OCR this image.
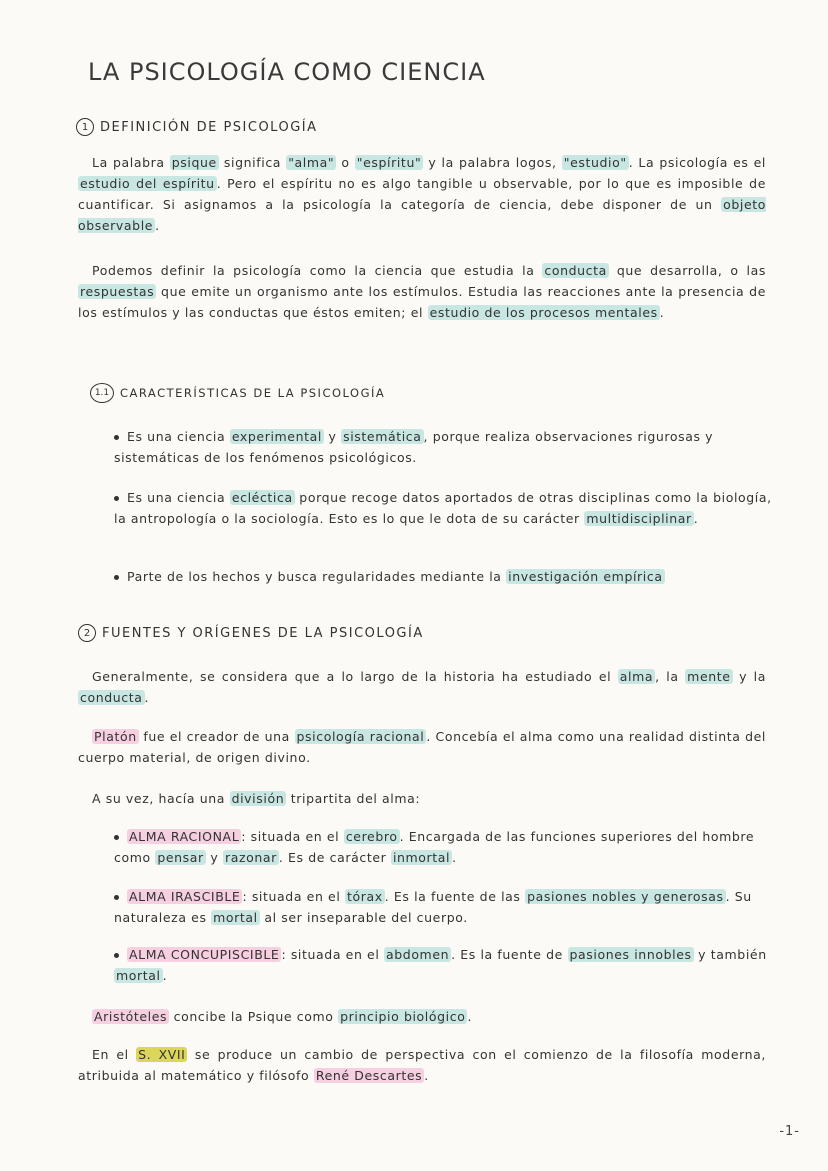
LA PSICOLOGÍA COMO CIENCIA
1 DEFINICIÓN DE PSICOLOGÍA
La palabra psique significa "alma" o "espíritu" y la palabra logos, "estudio" . La psicología es el estudio del espíritu . Pero el espíritu no es algo tangible u observable, por lo que es imposible de cuantificar. Si asignamos a la psicología la categoría de ciencia, debe disponer de un objeto observable .
Podemos definir la psicología como la ciencia que estudia la conducta que desarrolla, o las respuestas que emite un organismo ante los estímulos. Estudia las reacciones ante la presencia de los estímulos y las conductas que éstos emiten; el estudio de los procesos mentales .
1.1 CARACTERÍSTICAS DE LA PSICOLOGÍA
Es una ciencia experimental y sistemática , porque realiza observaciones rigurosas y sistemáticas de los fenómenos psicológicos.
Es una ciencia ecléctica porque recoge datos aportados de otras disciplinas como la biología, la antropología o la sociología. Esto es lo que le dota de su carácter multidisciplinar .
Parte de los hechos y busca regularidades mediante la investigación empírica
2 FUENTES Y ORÍGENES DE LA PSICOLOGÍA
Generalmente, se considera que a lo largo de la historia ha estudiado el alma , la mente y la conducta .
Platón fue el creador de una psicología racional . Concebía el alma como una realidad distinta del cuerpo material, de origen divino.
A su vez, hacía una división tripartita del alma:
ALMA RACIONAL : situada en el cerebro . Encargada de las funciones superiores del hombre como pensar y razonar . Es de carácter inmortal .
ALMA IRASCIBLE : situada en el tórax . Es la fuente de las pasiones nobles y generosas . Su naturaleza es mortal al ser inseparable del cuerpo.
ALMA CONCUPISCIBLE : situada en el abdomen . Es la fuente de pasiones innobles y también mortal .
Aristóteles concibe la Psique como principio biológico .
En el S. XVII se produce un cambio de perspectiva con el comienzo de la filosofía moderna, atribuida al matemático y filósofo René Descartes .
-1-
